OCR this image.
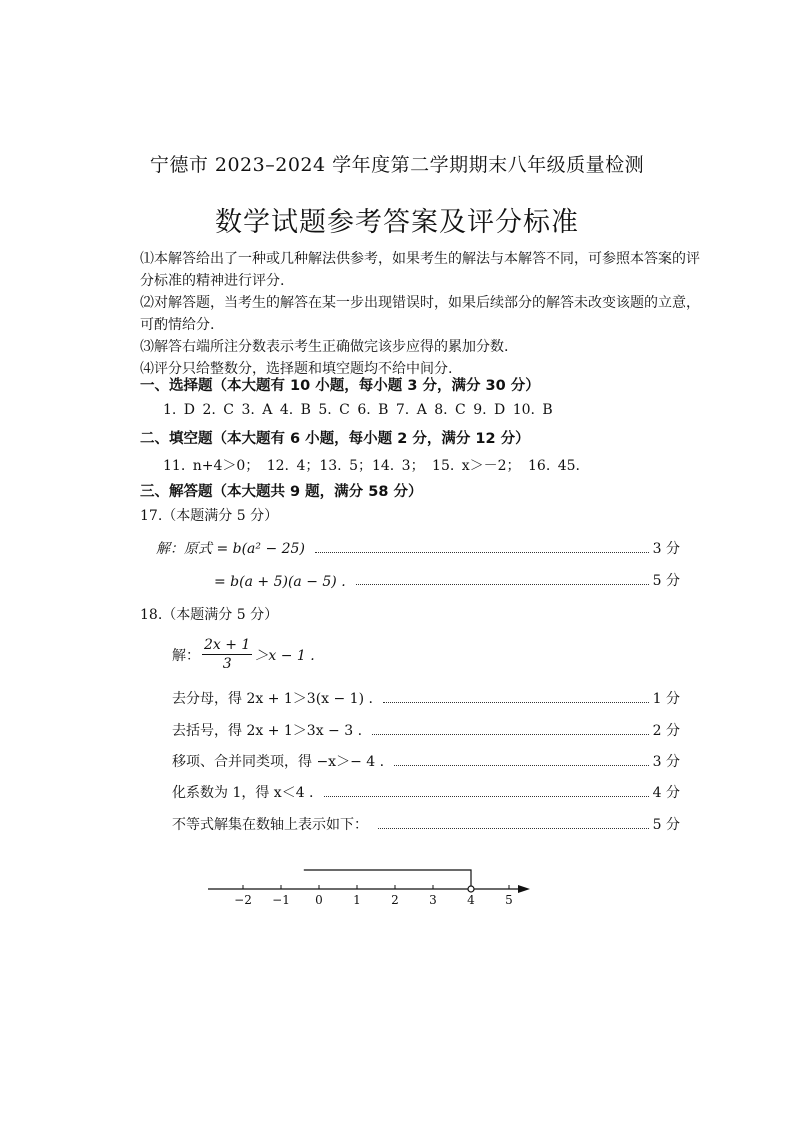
宁德市 2023–2024 学年度第二学期期末八年级质量检测
数学试题参考答案及评分标准

⑴本解答给出了一种或几种解法供参考，如果考生的解法与本解答不同，可参照本答案的评分标准的精神进行评分.

⑵对解答题，当考生的解答在某一步出现错误时，如果后续部分的解答未改变该题的立意，可酌情给分.

⑶解答右端所注分数表示考生正确做完该步应得的累加分数.

⑷评分只给整数分，选择题和填空题均不给中间分.

一、选择题（本大题有 10 小题，每小题 3 分，满分 30 分）
1. D 2. C 3. A 4. B 5. C 6. B 7. A 8. C 9. D 10. B
二、填空题（本大题有 6 小题，每小题 2 分，满分 12 分）
11. n+4＞0； 12. 4；13. 5；14. 3； 15. x＞－2； 16. 45.
三、解答题（本大题共 9 题，满分 58 分）
17.（本题满分 5 分）
解：原式 = b(a² − 25)	3 分
= b(a + 5)(a − 5) .	5 分
18.（本题满分 5 分）
解： $\frac{2x + 1}{3} >x - 1$ .
去分母，得 2x + 1＞3(x − 1) .	1 分
去括号，得 2x + 1＞3x − 3 .	2 分
移项、合并同类项，得 −x＞− 4 .	3 分
化系数为 1，得 x＜4 .	4 分
不等式解集在数轴上表示如下：	5 分
−2 −1 0	1	2	3	4	5
